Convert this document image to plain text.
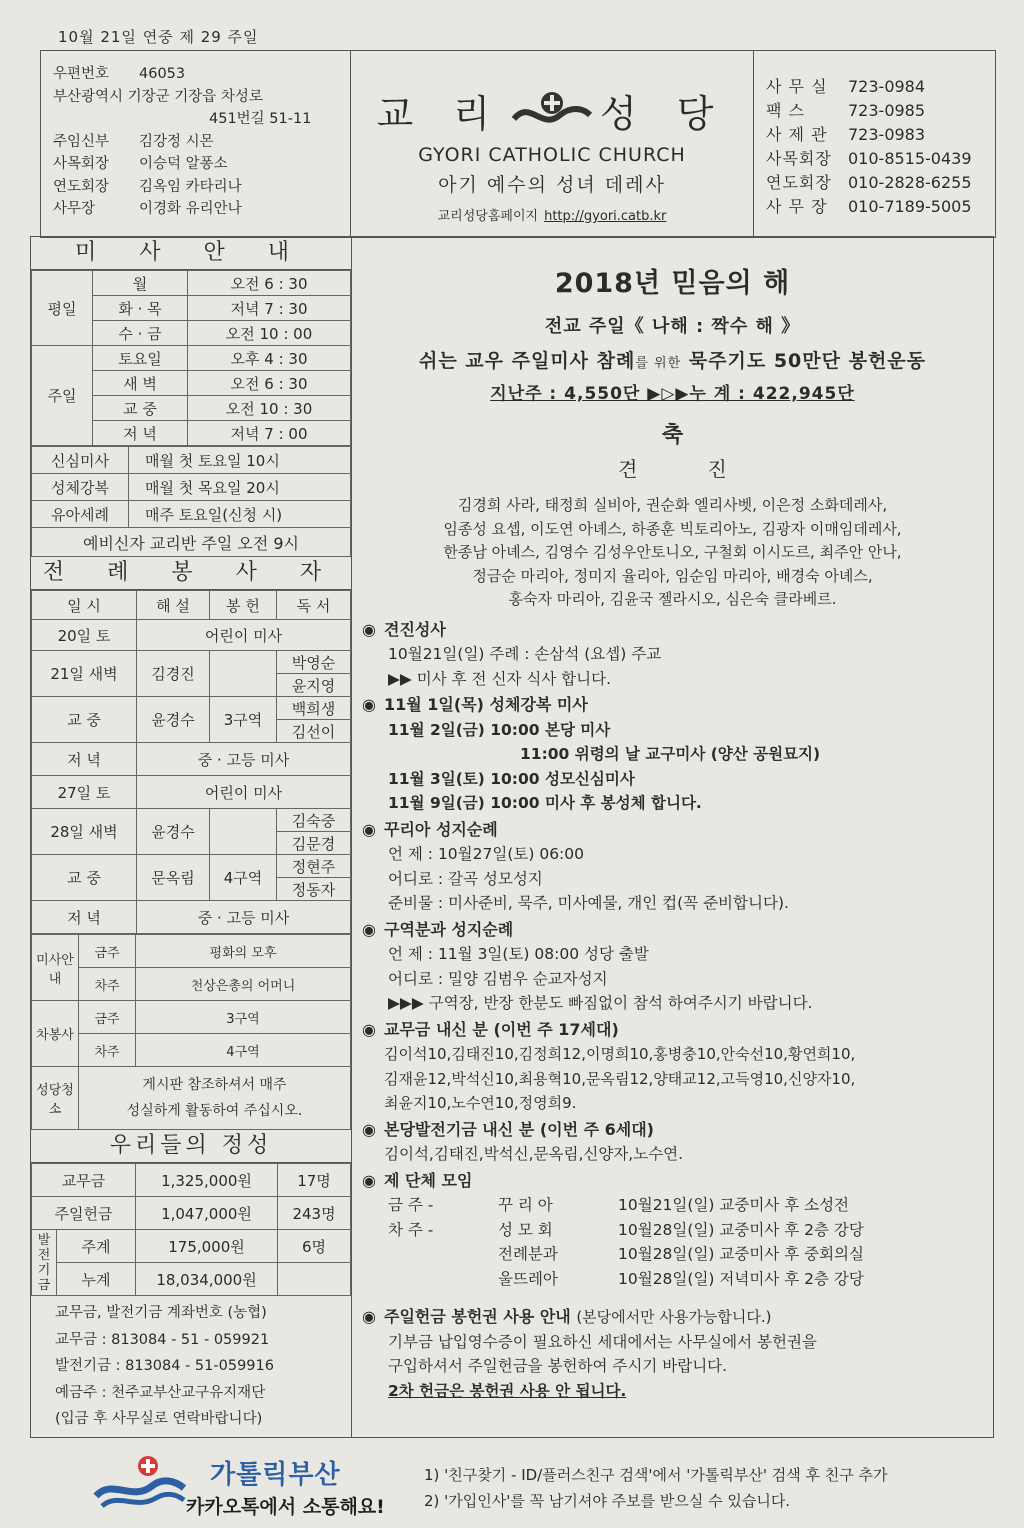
10월 21일 연중 제 29 주일
우편번호	46053
부산광역시 기장군 기장읍 차성로
451번길 51-11
주임신부	김강정 시몬
사목회장	이승덕 알퐁소
연도회장	김옥임 카타리나
사무장	이경화 유리안나
교 리	성 당
GYORI CATHOLIC CHURCH
아기 예수의 성녀 데레사
교리성당홈페이지 http://gyori.catb.kr
사 무 실	723-0984
팩 스	723-0985
사 제 관	723-0983
사목회장	010-8515-0439
연도회장	010-2828-6255
사 무 장	010-7189-5005
미 사 안 내
평일	월	오전 6 : 30
	화 · 목	저녁 7 : 30
	수 · 금	오전 10 : 00
주일	토요일	오후 4 : 30
	새 벽	오전 6 : 30
	교 중	오전 10 : 30
	저 녁	저녁 7 : 00
신심미사	매월 첫 토요일 10시
성체강복	매월 첫 목요일 20시
유아세례	매주 토요일(신청 시)
예비신자 교리반 주일 오전 9시	
전 례 봉 사 자
일 시	해 설	봉 헌	독 서
20일 토	어린이 미사		
21일 새벽	김경진		박영순
			윤지영
교 중	윤경수	3구역	백희생
			김선이
저 녁	중 · 고등 미사		
27일 토	어린이 미사		
28일 새벽	윤경수		김숙중
			김문경
교 중	문옥림	4구역	정현주
			정동자
저 녁	중 · 고등 미사		
미사안내	금주	평화의 모후
	차주	천상은총의 어머니
차봉사	금주	3구역
	차주	4구역
성당청소	게시판 참조하셔서 매주
성실하게 활동하여 주십시오.	
우리들의 정성
교무금		1,325,000원	17명
주일헌금		1,047,000원	243명
발전기금	주계	175,000원	6명
	누계	18,034,000원	
교무금, 발전기금 계좌번호 (농협)
교무금 : 813084 - 51 - 059921
발전기금 : 813084 - 51-059916
예금주 : 천주교부산교구유지재단
(입금 후 사무실로 연락바랍니다)
2018년 믿음의 해
전교 주일《 나해 : 짝수 해 》
쉬는 교우 주일미사 참례를 위한 묵주기도 50만단 봉헌운동
지난주 : 4,550단 ▶▷▶누 계 : 422,945단
축
견진
김경희 사라, 태정희 실비아, 권순화 엘리사벳, 이은정 소화데레사,
임종성 요셉, 이도연 아녜스, 하종훈 빅토리아노, 김광자 이매임데레사,
한종남 아녜스, 김영수 김성우안토니오, 구철회 이시도르, 최주안 안나,
정금순 마리아, 정미지 율리아, 임순임 마리아, 배경숙 아녜스,
홍숙자 마리아, 김윤국 젤라시오, 심은숙 클라베르.
◉ 견진성사
10월21일(일) 주례 : 손삼석 (요셉) 주교
▶▶ 미사 후 전 신자 식사 합니다.
◉ 11월 1일(목) 성체강복 미사
11월 2일(금) 10:00 본당 미사
11:00 위령의 날 교구미사 (양산 공원묘지)
11월 3일(토) 10:00 성모신심미사
11월 9일(금) 10:00 미사 후 봉성체 합니다.
◉ 꾸리아 성지순례
언 제 : 10월27일(토) 06:00
어디로 : 갈곡 성모성지
준비물 : 미사준비, 묵주, 미사예물, 개인 컵(꼭 준비합니다).
◉ 구역분과 성지순례
언 제 : 11월 3일(토) 08:00 성당 출발
어디로 : 밀양 김범우 순교자성지
▶▶▶ 구역장, 반장 한분도 빠짐없이 참석 하여주시기 바랍니다.
◉ 교무금 내신 분 (이번 주 17세대)
김이석10,김태진10,김정희12,이명희10,홍병충10,안숙선10,황연희10,
김재윤12,박석신10,최용혁10,문옥림12,양태교12,고득영10,신양자10,
최윤지10,노수연10,정영희9.
◉ 본당발전기금 내신 분 (이번 주 6세대)
김이석,김태진,박석신,문옥림,신양자,노수연.
◉ 제 단체 모임
금 주 -	꾸 리 아	10월21일(일) 교중미사 후 소성전
차 주 -	성 모 회	10월28일(일) 교중미사 후 2층 강당
전례분과	10월28일(일) 교중미사 후 중회의실
울뜨레아	10월28일(일) 저녁미사 후 2층 강당
◉ 주일헌금 봉헌권 사용 안내 (본당에서만 사용가능합니다.)
기부금 납입영수증이 필요하신 세대에서는 사무실에서 봉헌권을
구입하셔서 주일헌금을 봉헌하여 주시기 바랍니다.
2차 헌금은 봉헌권 사용 안 됩니다.
가톨릭부산
카카오톡에서 소통해요!
1) '친구찾기 - ID/플러스친구 검색'에서 '가톨릭부산' 검색 후 친구 추가
2) '가입인사'를 꼭 남기셔야 주보를 받으실 수 있습니다.
